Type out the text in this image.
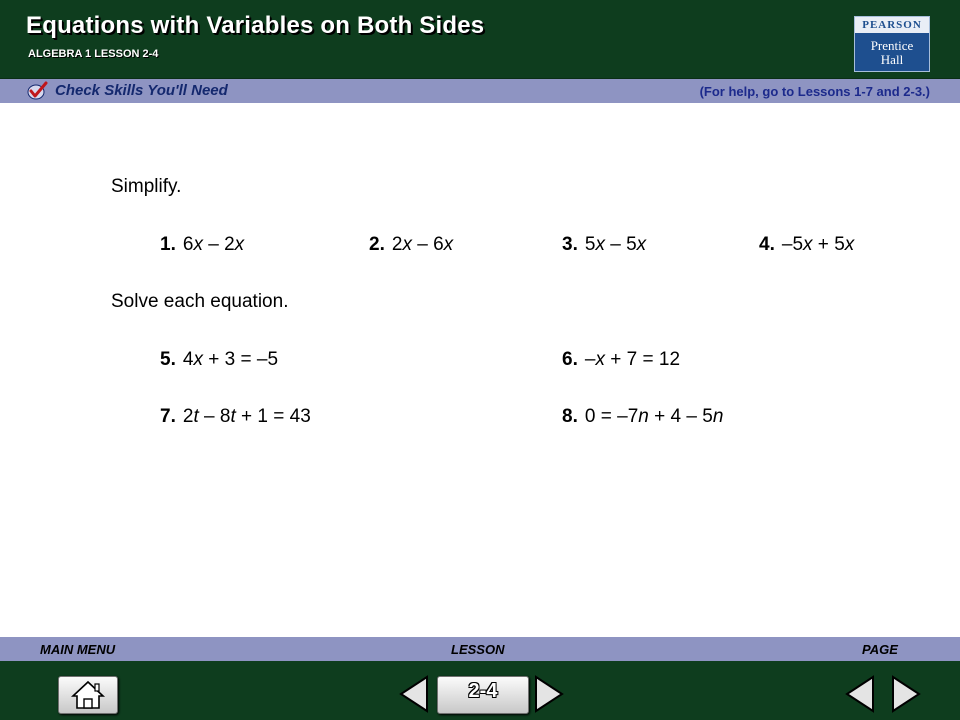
Equations with Variables on Both Sides
ALGEBRA 1 LESSON 2-4
PEARSON
Prentice
Hall
Check Skills You'll Need	(For help, go to Lessons 1-7 and 2-3.)
Simplify.
1. 6x – 2x	2. 2x – 6x	3. 5x – 5x	4. –5x + 5x
Solve each equation.
5. 4x + 3 = –5	6. –x + 7 = 12
7. 2t – 8t + 1 = 43	8. 0 = –7n + 4 – 5n
MAIN MENU	LESSON	PAGE
2-4
